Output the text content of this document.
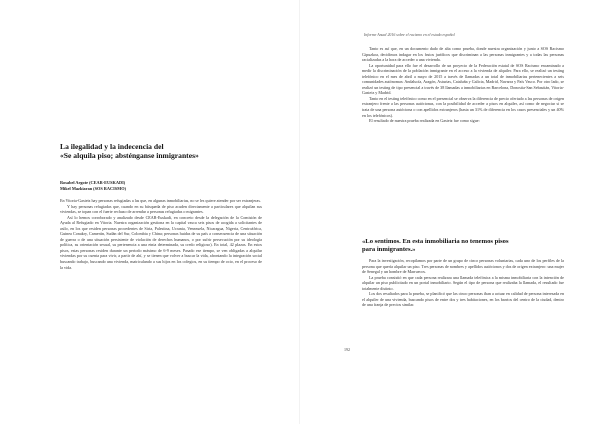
La ilegalidad y la indecencia del
«Se alquila piso; absténganse inmigrantes»
Rosabel Argote (CEAR-EUSKADI)
Mikel Mazkiaran (SOS RACISMO)

En Vitoria-Gasteiz hay personas refugiadas a las que, en algunas inmobiliarias, no se les quiere atender por ser extranjeras.

Y hay personas refugiadas que, cuando en su búsqueda de piso acuden directamente a particulares que alquilan sus viviendas, se topan con el fuerte rechazo de arrendar a personas refugiadas o migrantes.

Así lo hemos corroborado y analizado desde CEAR-Euskadi, en concreto desde la delegación de la Comisión de Ayuda al Refugiado en Vitoria. Nuestra organización gestiona en la capital vasca seis pisos de acogida a solicitantes de asilo, en los que residen personas procedentes de Siria, Palestina, Ucrania, Venezuela, Nicaragua, Nigeria, Centroáfrica, Guinea Conakry, Camerún, Sudán del Sur, Colombia y China; personas huidas de su país a consecuencia de una situación de guerra o de una situación persistente de violación de derechos humanos, o por sufrir persecución por su ideología política, su orientación sexual, su pertenencia a una etnia determinada, su credo religioso). En total, 42 plazas. En estos pisos, estas personas residen durante un periodo máximo de 6-9 meses. Pasado ese tiempo, se ven obligadas a alquilar viviendas por su cuenta para vivir, a partir de ahí, y se tienen que volver a buscar la vida, afrontando la integración social buscando trabajo, buscando una vivienda, matriculando a sus hijos en los colegios, en su tiempo de ocio, en el proceso de la vida.

Informe Anual 2016 sobre el racismo en el estado español

Tanto es así que, en un documento dado de alta como prueba, donde nuestra organización y junto a SOS Racismo Gipuzkoa, decidimos indagar en los frutos jurídicos que discriminan a las personas inmigrantes y a todas las personas racializadas a la hora de acceder a una vivienda.

La oportunidad para ello fue el desarrollo de un proyecto de la Federación estatal de SOS Racismo encaminado a medir la discriminación de la población inmigrante en el acceso a la vivienda de alquiler. Para ello, se realizó un testing telefónico en el mes de abril a mayo de 2015 a través de llamadas a un total de inmobiliarias pertenecientes a seis comunidades autónomas: Andalucía, Aragón, Asturias, Cataluña y Galicia, Madrid, Navarra y País Vasco. Por otro lado, se realizó un testing de tipo presencial a través de 38 llamadas a inmobiliarias en Barcelona, Donostia-San Sebastián, Vitoria-Gasteiz y Madrid.

Tanto en el testing telefónico como en el presencial se observa la diferencia de precio ofertado a las personas de origen extranjero frente a las personas autóctonas, con la posibilidad de acceder a pisos en alquiler, así como de negociar si se trata de una persona autóctona o con apellidos extranjeros (hasta un 31% de diferencia en los casos presenciales y un 40% en los telefónicos).

El resultado de nuestra prueba realizada en Gasteiz fue como sigue:

«Lo sentimos. En esta inmobiliaria no tenemos pisos
para inmigrantes.»

Para la investigación, recopilamos por parte de un grupo de cinco personas voluntarias, cada uno de los perfiles de la persona que quería alquilar un piso. Tres personas de nombres y apellidos autóctonos y dos de origen extranjero: una mujer de Senegal y un hombre de Marruecos.

La prueba consistió en que cada persona realizara una llamada telefónica a la misma inmobiliaria con la intención de alquilar un piso publicitado en un portal inmobiliario. Según el tipo de persona que realizaba la llamada, el resultado fue totalmente distinto.

Los dos resultados para la prueba, se planificó que las cinco personas iban a actuar en calidad de persona interesada en el alquiler de una vivienda, buscando pisos de entre dos y tres habitaciones, en los barrios del centro de la ciudad, dentro de una franja de precios similar.

192
